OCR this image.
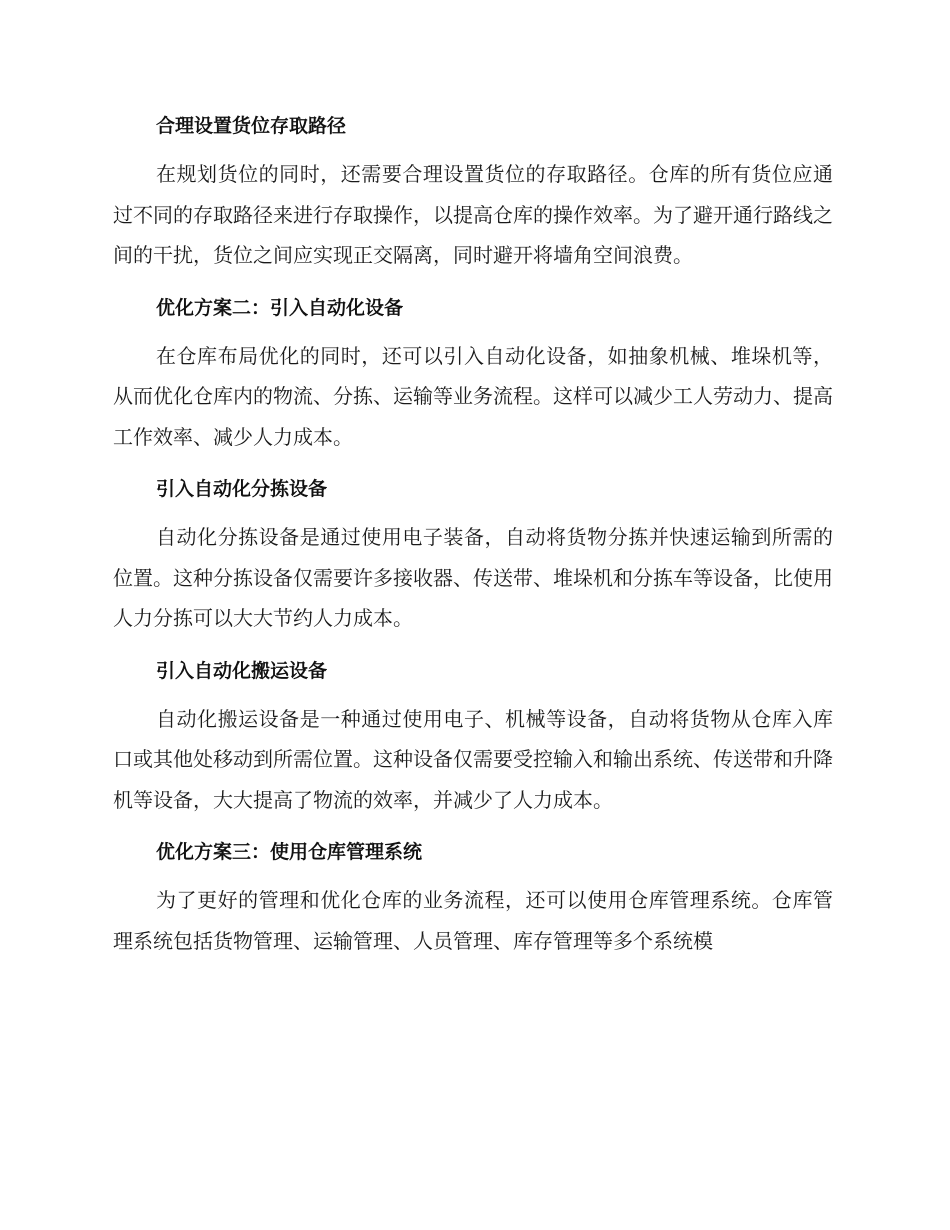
合理设置货位存取路径

在规划货位的同时，还需要合理设置货位的存取路径。仓库的所有货位应通过不同的存取路径来进行存取操作，以提高仓库的操作效率。为了避开通行路线之间的干扰，货位之间应实现正交隔离，同时避开将墙角空间浪费。

优化方案二：引入自动化设备

在仓库布局优化的同时，还可以引入自动化设备，如抽象机械、堆垛机等，从而优化仓库内的物流、分拣、运输等业务流程。这样可以减少工人劳动力、提高工作效率、减少人力成本。

引入自动化分拣设备

自动化分拣设备是通过使用电子装备，自动将货物分拣并快速运输到所需的位置。这种分拣设备仅需要许多接收器、传送带、堆垛机和分拣车等设备，比使用人力分拣可以大大节约人力成本。

引入自动化搬运设备

自动化搬运设备是一种通过使用电子、机械等设备，自动将货物从仓库入库口或其他处移动到所需位置。这种设备仅需要受控输入和输出系统、传送带和升降机等设备，大大提高了物流的效率，并减少了人力成本。

优化方案三：使用仓库管理系统

为了更好的管理和优化仓库的业务流程，还可以使用仓库管理系统。仓库管理系统包括货物管理、运输管理、人员管理、库存管理等多个系统模
